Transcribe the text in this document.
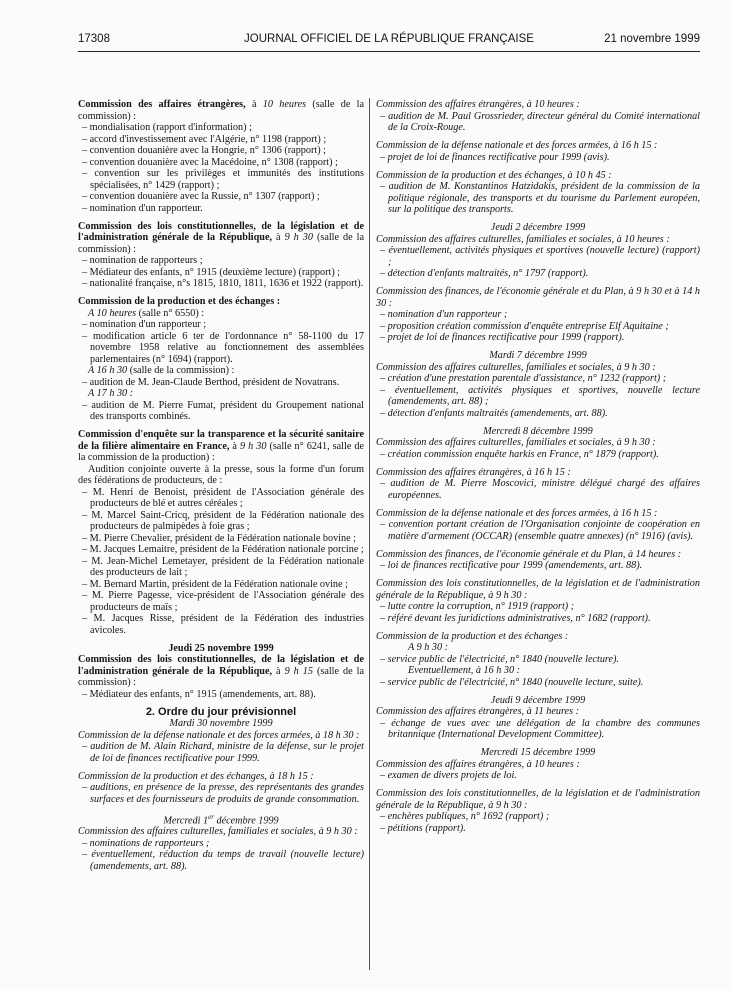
17308	JOURNAL OFFICIEL DE LA RÉPUBLIQUE FRANÇAISE	21 novembre 1999

Commission des affaires étrangères, à 10 heures (salle de la commission) :

– mondialisation (rapport d'information) ;

– accord d'investissement avec l'Algérie, n° 1198 (rapport) ;

– convention douanière avec la Hongrie, n° 1306 (rapport) ;

– convention douanière avec la Macédoine, n° 1308 (rapport) ;

– convention sur les privilèges et immunités des institutions spécialisées, n° 1429 (rapport) ;

– convention douanière avec la Russie, n° 1307 (rapport) ;

– nomination d'un rapporteur.

Commission des lois constitutionnelles, de la législation et de l'administration générale de la République, à 9 h 30 (salle de la commission) :

– nomination de rapporteurs ;

– Médiateur des enfants, n° 1915 (deuxième lecture) (rapport) ;

– nationalité française, n°s 1815, 1810, 1811, 1636 et 1922 (rapport).

Commission de la production et des échanges :

A 10 heures (salle n° 6550) :

– nomination d'un rapporteur ;

– modification article 6 ter de l'ordonnance n° 58-1100 du 17 novembre 1958 relative au fonctionnement des assemblées parlementaires (n° 1694) (rapport).

A 16 h 30 (salle de la commission) :

– audition de M. Jean-Claude Berthod, président de Novatrans.

A 17 h 30 :

– audition de M. Pierre Fumat, président du Groupement national des transports combinés.

Commission d'enquête sur la transparence et la sécurité sanitaire de la filière alimentaire en France, à 9 h 30 (salle n° 6241, salle de la commission de la production) :

Audition conjointe ouverte à la presse, sous la forme d'un forum des fédérations de producteurs, de :

– M. Henri de Benoist, président de l'Association générale des producteurs de blé et autres céréales ;

– M. Marcel Saint-Cricq, président de la Fédération nationale des producteurs de palmipèdes à foie gras ;

– M. Pierre Chevalier, président de la Fédération nationale bovine ;

– M. Jacques Lemaitre, président de la Fédération nationale porcine ;

– M. Jean-Michel Lemetayer, président de la Fédération nationale des producteurs de lait ;

– M. Bernard Martin, président de la Fédération nationale ovine ;

– M. Pierre Pagesse, vice-président de l'Association générale des producteurs de maïs ;

– M. Jacques Risse, président de la Fédération des industries avicoles.

Jeudi 25 novembre 1999

Commission des lois constitutionnelles, de la législation et de l'administration générale de la République, à 9 h 15 (salle de la commission) :

– Médiateur des enfants, n° 1915 (amendements, art. 88).

2. Ordre du jour prévisionnel

Mardi 30 novembre 1999

Commission de la défense nationale et des forces armées, à 18 h 30 :

– audition de M. Alain Richard, ministre de la défense, sur le projet de loi de finances rectificative pour 1999.

Commission de la production et des échanges, à 18 h 15 :

– auditions, en présence de la presse, des représentants des grandes surfaces et des fournisseurs de produits de grande consommation.

Mercredi 1er décembre 1999

Commission des affaires culturelles, familiales et sociales, à 9 h 30 :

– nominations de rapporteurs ;

– éventuellement, réduction du temps de travail (nouvelle lecture) (amendements, art. 88).

Commission des affaires étrangères, à 10 heures :

– audition de M. Paul Grossrieder, directeur général du Comité international de la Croix-Rouge.

Commission de la défense nationale et des forces armées, à 16 h 15 :

– projet de loi de finances rectificative pour 1999 (avis).

Commission de la production et des échanges, à 10 h 45 :

– audition de M. Konstantinos Hatzidakis, président de la commission de la politique régionale, des transports et du tourisme du Parlement européen, sur la politique des transports.

Jeudi 2 décembre 1999

Commission des affaires culturelles, familiales et sociales, à 10 heures :

– éventuellement, activités physiques et sportives (nouvelle lecture) (rapport) ;

– détection d'enfants maltraités, n° 1797 (rapport).

Commission des finances, de l'économie générale et du Plan, à 9 h 30 et à 14 h 30 :

– nomination d'un rapporteur ;

– proposition création commission d'enquête entreprise Elf Aquitaine ;

– projet de loi de finances rectificative pour 1999 (rapport).

Mardi 7 décembre 1999

Commission des affaires culturelles, familiales et sociales, à 9 h 30 :

– création d'une prestation parentale d'assistance, n° 1232 (rapport) ;

– éventuellement, activités physiques et sportives, nouvelle lecture (amendements, art. 88) ;

– détection d'enfants maltraités (amendements, art. 88).

Mercredi 8 décembre 1999

Commission des affaires culturelles, familiales et sociales, à 9 h 30 :

– création commission enquête harkis en France, n° 1879 (rapport).

Commission des affaires étrangères, à 16 h 15 :

– audition de M. Pierre Moscovici, ministre délégué chargé des affaires européennes.

Commission de la défense nationale et des forces armées, à 16 h 15 :

– convention portant création de l'Organisation conjointe de coopération en matière d'armement (OCCAR) (ensemble quatre annexes) (n° 1916) (avis).

Commission des finances, de l'économie générale et du Plan, à 14 heures :

– loi de finances rectificative pour 1999 (amendements, art. 88).

Commission des lois constitutionnelles, de la législation et de l'administration générale de la République, à 9 h 30 :

– lutte contre la corruption, n° 1919 (rapport) ;

– référé devant les juridictions administratives, n° 1682 (rapport).

Commission de la production et des échanges :

A 9 h 30 :

– service public de l'électricité, n° 1840 (nouvelle lecture).

Eventuellement, à 16 h 30 :

– service public de l'électricité, n° 1840 (nouvelle lecture, suite).

Jeudi 9 décembre 1999

Commission des affaires étrangères, à 11 heures :

– échange de vues avec une délégation de la chambre des communes britannique (International Development Committee).

Mercredi 15 décembre 1999

Commission des affaires étrangères, à 10 heures :

– examen de divers projets de loi.

Commission des lois constitutionnelles, de la législation et de l'administration générale de la République, à 9 h 30 :

– enchères publiques, n° 1692 (rapport) ;

– pétitions (rapport).
